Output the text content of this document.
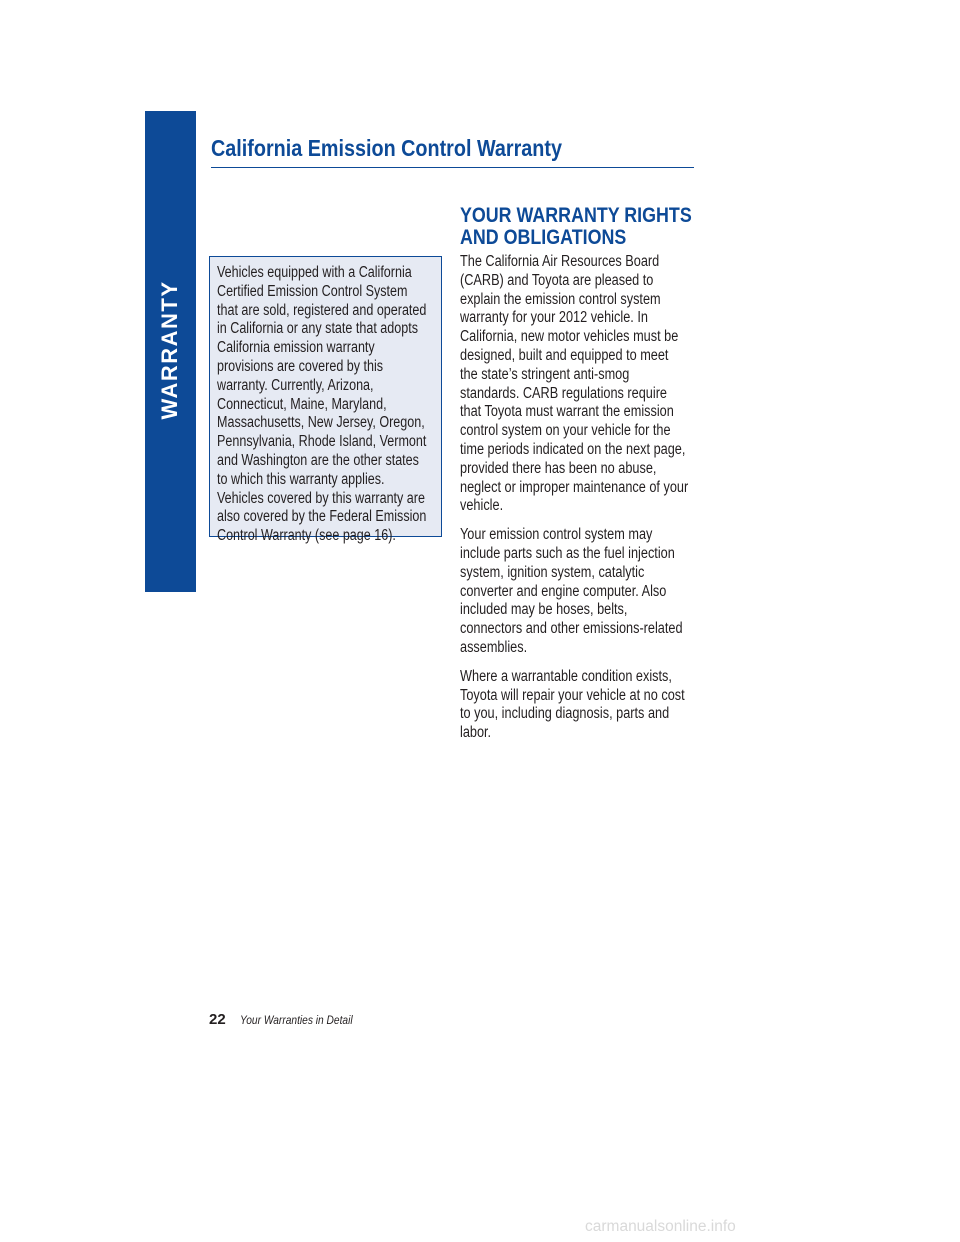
WARRANTY
California Emission Control Warranty

Vehicles equipped with a California Certified Emission Control System that are sold, registered and operated in California or any state that adopts California emission warranty provisions are covered by this warranty. Currently, Arizona, Connecticut, Maine, Maryland, Massachusetts, New Jersey, Oregon, Pennsylvania, Rhode Island, Vermont and Washington are the other states to which this warranty applies. Vehicles covered by this warranty are also covered by the Federal Emission Control Warranty (see page 16).

YOUR WARRANTY RIGHTS AND OBLIGATIONS

The California Air Resources Board (CARB) and Toyota are pleased to explain the emission control system warranty for your 2012 vehicle. In California, new motor vehicles must be designed, built and equipped to meet the state’s stringent anti-smog standards. CARB regulations require that Toyota must warrant the emission control system on your vehicle for the time periods indicated on the next page, provided there has been no abuse, neglect or improper maintenance of your vehicle.

Your emission control system may include parts such as the fuel injection system, ignition system, catalytic converter and engine computer. Also included may be hoses, belts, connectors and other emissions-related assemblies.

Where a warrantable condition exists, Toyota will repair your vehicle at no cost to you, including diagnosis, parts and labor.

22 Your Warranties in Detail
carmanualsonline.info
